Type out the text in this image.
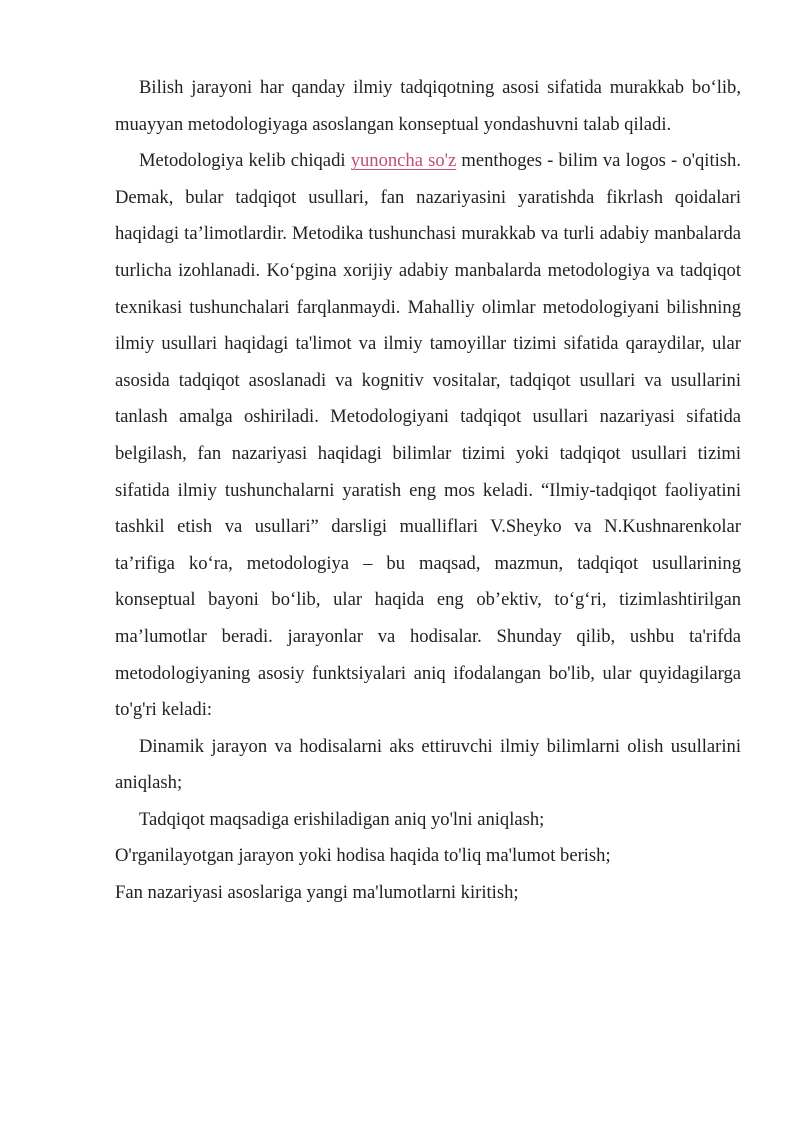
Bilish jarayoni har qanday ilmiy tadqiqotning asosi sifatida murakkab bo‘lib, muayyan metodologiyaga asoslangan konseptual yondashuvni talab qiladi.

Metodologiya kelib chiqadi yunoncha so'z menthoges - bilim va logos - o'qitish. Demak, bular tadqiqot usullari, fan nazariyasini yaratishda fikrlash qoidalari haqidagi ta’limotlardir. Metodika tushunchasi murakkab va turli adabiy manbalarda turlicha izohlanadi. Ko‘pgina xorijiy adabiy manbalarda metodologiya va tadqiqot texnikasi tushunchalari farqlanmaydi. Mahalliy olimlar metodologiyani bilishning ilmiy usullari haqidagi ta'limot va ilmiy tamoyillar tizimi sifatida qaraydilar, ular asosida tadqiqot asoslanadi va kognitiv vositalar, tadqiqot usullari va usullarini tanlash amalga oshiriladi. Metodologiyani tadqiqot usullari nazariyasi sifatida belgilash, fan nazariyasi haqidagi bilimlar tizimi yoki tadqiqot usullari tizimi sifatida ilmiy tushunchalarni yaratish eng mos keladi. “Ilmiy-tadqiqot faoliyatini tashkil etish va usullari” darsligi mualliflari V.Sheyko va N.Kushnarenkolar ta’rifiga ko‘ra, metodologiya – bu maqsad, mazmun, tadqiqot usullarining konseptual bayoni bo‘lib, ular haqida eng ob’ektiv, to‘g‘ri, tizimlashtirilgan ma’lumotlar beradi. jarayonlar va hodisalar. Shunday qilib, ushbu ta'rifda metodologiyaning asosiy funktsiyalari aniq ifodalangan bo'lib, ular quyidagilarga to'g'ri keladi:

Dinamik jarayon va hodisalarni aks ettiruvchi ilmiy bilimlarni olish usullarini aniqlash;

Tadqiqot maqsadiga erishiladigan aniq yo'lni aniqlash;

O'rganilayotgan jarayon yoki hodisa haqida to'liq ma'lumot berish;

Fan nazariyasi asoslariga yangi ma'lumotlarni kiritish;
